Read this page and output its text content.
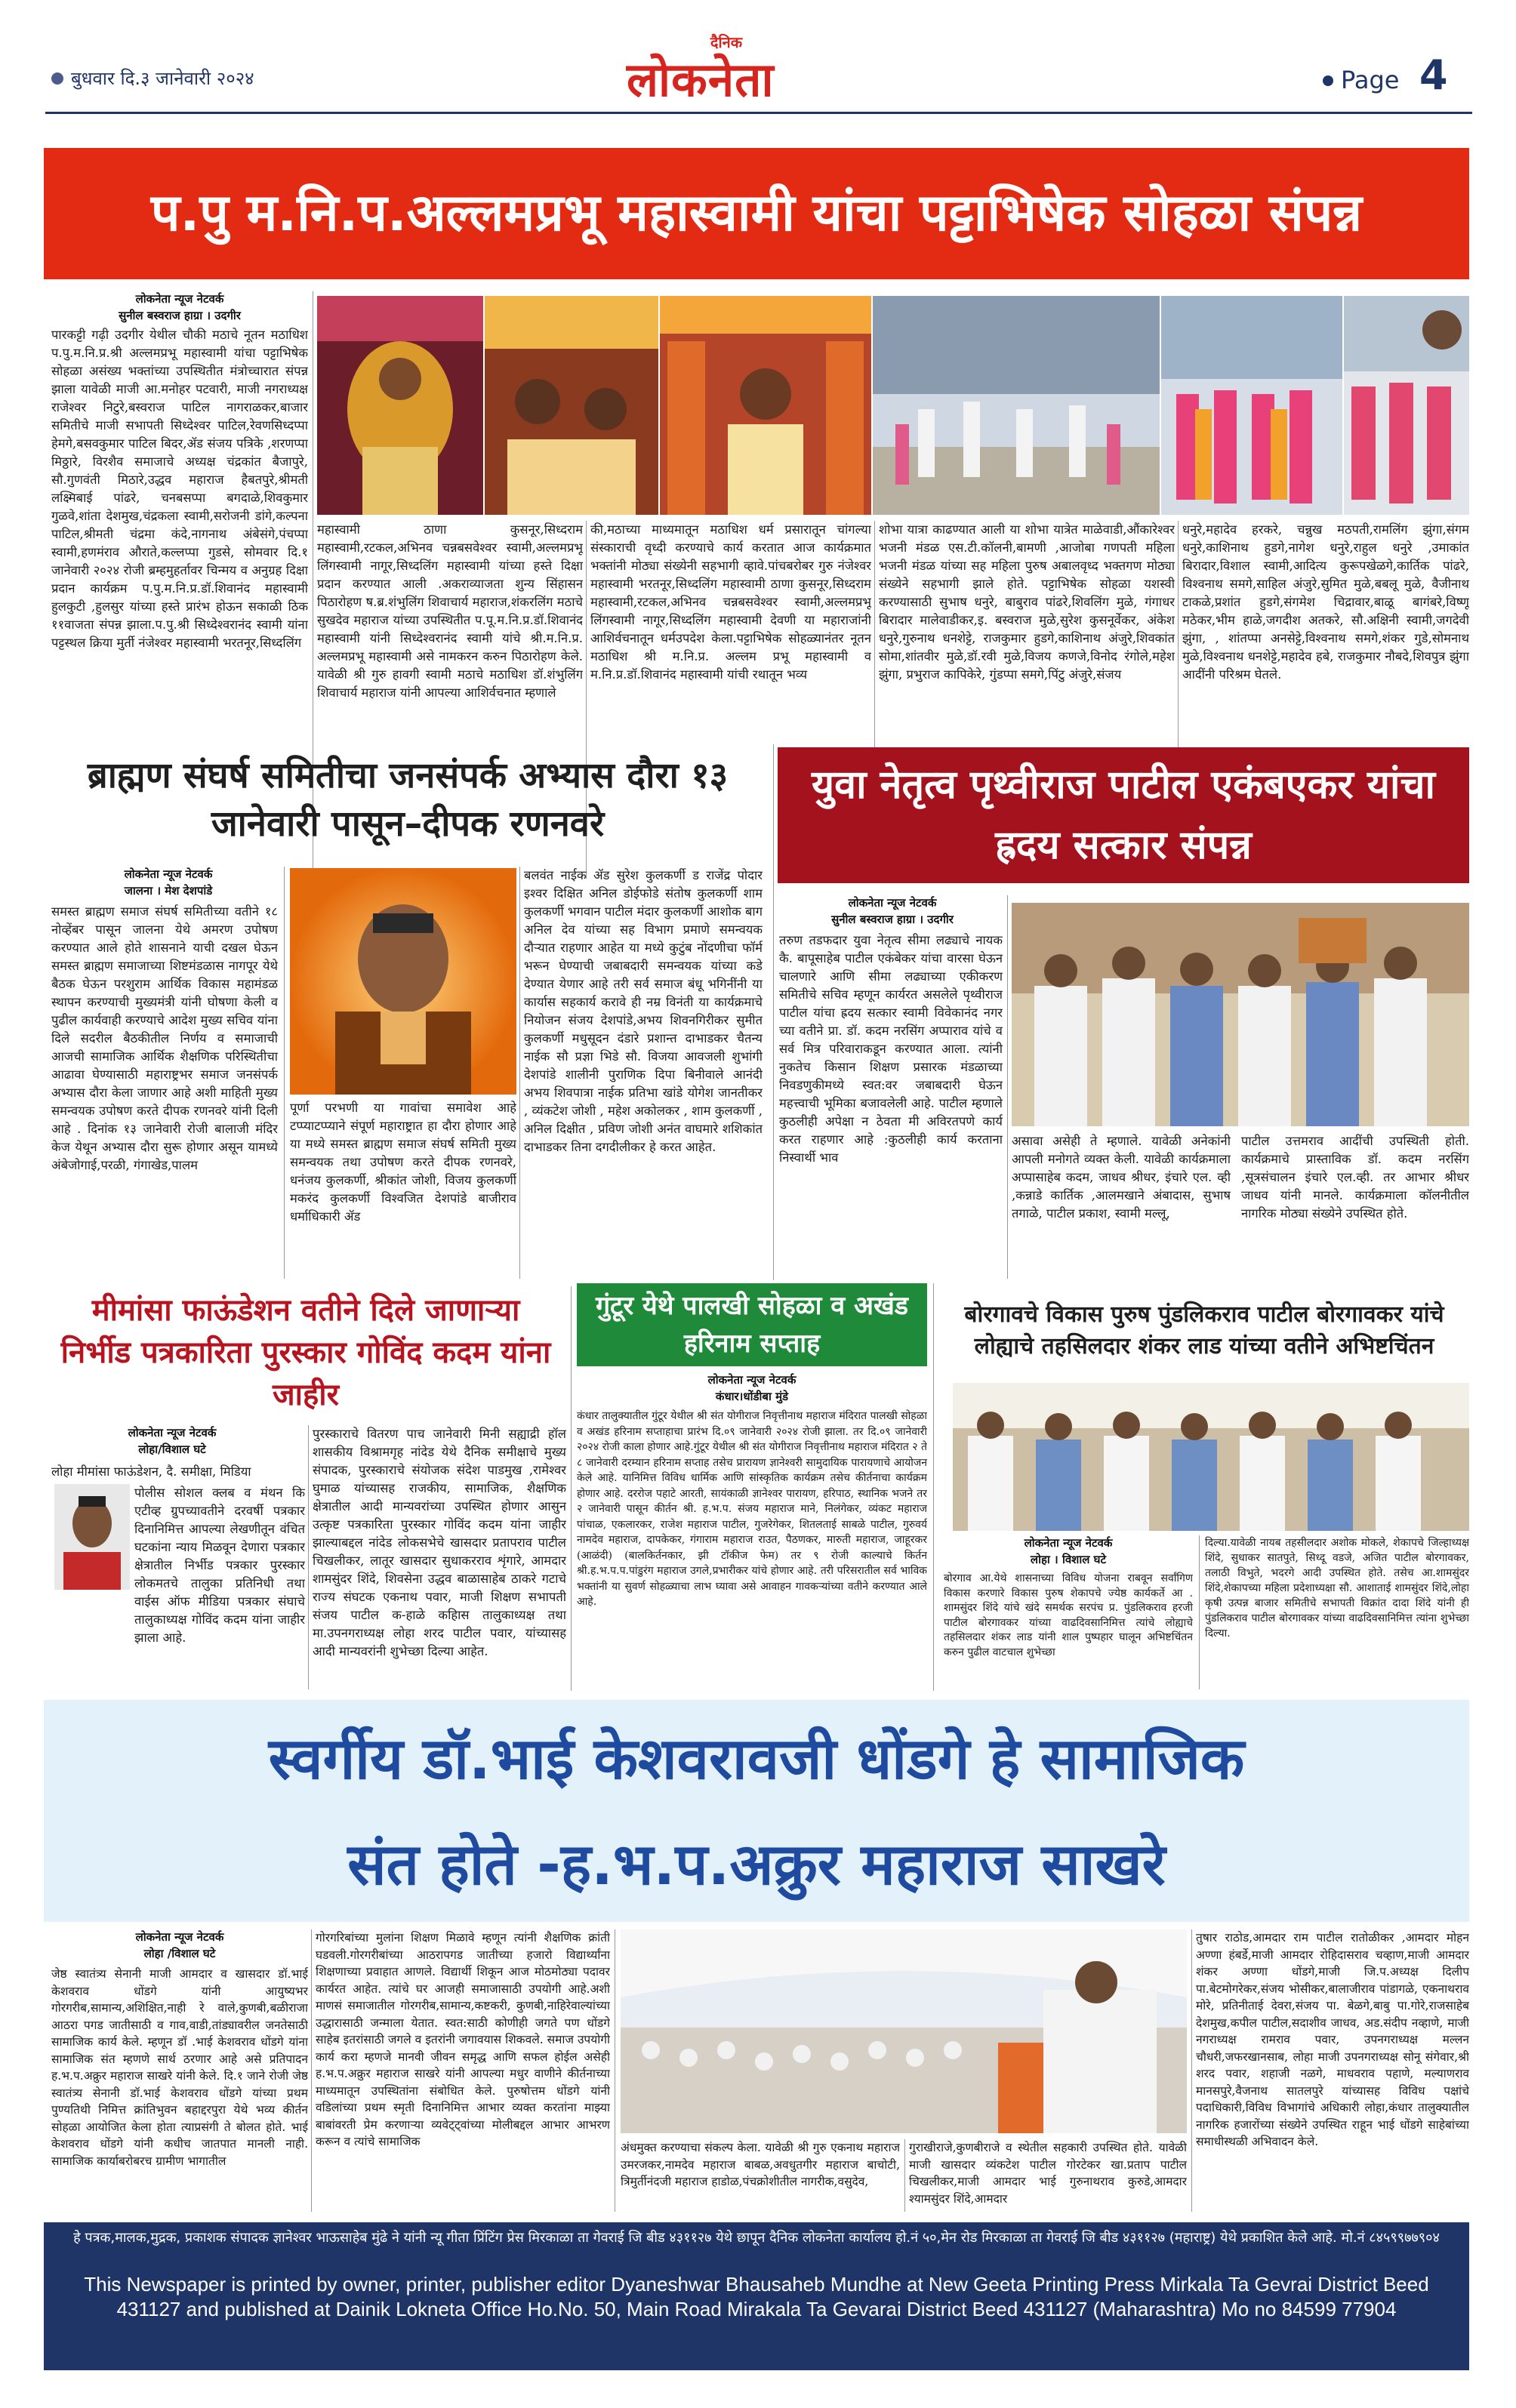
बुधवार दि.३ जानेवारी २०२४
दैनिक
लोकनेता	Page 4
प.पु म.नि.प.अल्लमप्रभू महास्वामी यांचा पट्टाभिषेक सोहळा संपन्न
लोकनेता न्यूज नेटवर्क
सुनील बस्वराज हाग्रा । उदगीर
पारकट्टी गढ़ी उदगीर येथील चौकी मठाचे नूतन मठाधिश प.पु.म.नि.प्र.श्री अल्लमप्रभू महास्वामी यांचा पट्टाभिषेक सोहळा असंख्य भक्तांच्या उपस्थितीत मंत्रोच्चारात संपन्न झाला यावेळी माजी आ.मनोहर पटवारी, माजी नगराध्यक्ष राजेश्वर निटुरे,बस्वराज पाटिल नागराळकर,बाजार समितीचे माजी सभापती सिध्देश्वर पाटिल,रेवणसिध्दप्पा हेमगे,बसवकुमार पाटिल बिदर,ॲड संजय पत्रिके ,शरणप्पा मिठ्ठारे, विरशैव समाजाचे अध्यक्ष चंद्रकांत बैजापुरे, सौ.गुणवंती मिठारे,उद्धव महाराज हैबतपुरे,श्रीमती लक्ष्मिबाई पांढरे, चनबसप्पा बगदाळे,शिवकुमार गुळवे,शांता देशमुख,चंद्रकला स्वामी,सरोजनी डांगे,कल्पना पाटिल,श्रीमती चंद्रमा कंदे,नागनाथ अंबेसंगे,पंचप्पा स्वामी,हणमंराव औराते,कल्लप्पा गुडसे, सोमवार दि.१ जानेवारी २०२४ रोजी ब्रम्हमुहर्तावर चिन्मय व अनुग्रह दिक्षा प्रदान कार्यक्रम प.पु.म.नि.प्र.डॉ.शिवानंद महास्वामी हुलकुटी ,हुलसुर यांच्या हस्ते प्रारंभ होऊन सकाळी ठिक ११वाजता संपन्न झाला.प.पु.श्री सिध्देश्वरानंद स्वामी यांना पट्टस्थल क्रिया मुर्ती नंजेश्वर महास्वामी भरतनूर,सिध्दलिंग
महास्वामी ठाणा कुसनूर,सिध्दराम महास्वामी,रटकल,अभिनव चन्नबसवेश्वर स्वामी,अल्लमप्रभू लिंगस्वामी नागूर,सिध्दलिंग महास्वामी यांच्या हस्ते दिक्षा प्रदान करण्यात आली .अकराव्याजता शुन्य सिंहासन पिठारोहण ष.ब्र.शंभुलिंग शिवाचार्य महाराज,शंकरलिंग मठाचे सुखदेव महाराज यांच्या उपस्थितीत प.पू.म.नि.प्र.डॉ.शिवानंद महास्वामी यांनी सिध्देश्वरानंद स्वामी यांचे श्री.म.नि.प्र. अल्लमप्रभू महास्वामी असे नामकरन करुन पिठारोहण केले. यावेळी श्री गुरु हावगी स्वामी मठाचे मठाधिश डॉ.शंभुलिंग शिवाचार्य महाराज यांनी आपल्या आशिर्वचनात म्हणाले
की,मठाच्या माध्यमातून मठाधिश धर्म प्रसारातून चांगल्या संस्काराची वृध्दी करण्याचे कार्य करतात आज कार्यक्रमात भक्तांनी मोठ्या संख्येनी सहभागी व्हावे.पांचबरोबर गुरु नंजेश्वर महास्वामी भरतनूर,सिध्दलिंग महास्वामी ठाणा कुसनूर,सिध्दराम महास्वामी,रटकल,अभिनव चन्नबसवेश्वर स्वामी,अल्लमप्रभू लिंगस्वामी नागूर,सिध्दलिंग महास्वामी देवणी या महाराजांनी आशिर्वचनातून धर्मउपदेश केला.पट्टाभिषेक सोहळ्यानंतर नूतन मठाधिश श्री म.नि.प्र. अल्लम प्रभू महास्वामी व म.नि.प्र.डॉ.शिवानंद महास्वामी यांची रथातून भव्य
शोभा यात्रा काढण्यात आली या शोभा यात्रेत माळेवाडी,औंकारेश्वर भजनी मंडळ एस.टी.कॉलनी,बामणी ,आजोबा गणपती महिला भजनी मंडळ यांच्या सह महिला पुरुष अबालवृध्द भक्तगण मोठ्या संख्येने सहभागी झाले होते. पट्टाभिषेक सोहळा यशस्वी करण्यासाठी सुभाष धनुरे, बाबुराव पांढरे,शिवलिंग मुळे, गंगाधर बिरादार मालेवाडीकर,इ. बस्वराज मुळे,सुरेश कुसनूर्वेकर, अंकेश धनुरे,गुरुनाथ धनशेट्टे, राजकुमार हुडगे,काशिनाथ अंजुरे,शिवकांत सोमा,शांतवीर मुळे,डॉ.रवी मुळे,विजय कणजे,विनोद रंगोले,महेश झुंगा, प्रभुराज कापिकेरे, गुंडप्पा समगे,पिंटु अंजुरे,संजय
धनुरे,महादेव हरकरे, चन्नुख मठपती,रामलिंग झुंगा,संगम धनुरे,काशिनाथ हुडगे,नागेश धनुरे,राहुल धनुरे ,उमाकांत बिरादार,विशाल स्वामी,आदित्य कुरूपखेळगे,कार्तिक पांढरे, विश्वनाथ समगे,साहिल अंजुरे,सुमित मुळे,बबलू मुळे, वैजीनाथ टाकळे,प्रशांत हुडगे,संगमेश चिद्रावार,बाळू बागंबरे,विष्णू मठेकर,भीम हाळे,जगदीश अतकरे, सौ.अक्षिनी स्वामी,जगदेवी झुंगा, , शांतप्पा अनसेट्टे,विश्वनाथ समगे,शंकर गुडे,सोमनाथ मुळे,विश्वनाथ धनशेट्टे,महादेव हबे, राजकुमार नौबदे,शिवपुत्र झुंगा आदींनी परिश्रम घेतले.
ब्राह्मण संघर्ष समितीचा जनसंपर्क अभ्यास दौरा १३ जानेवारी पासून–दीपक रणनवरे
लोकनेता न्यूज नेटवर्क
जालना । मेश देशपांडे
समस्त ब्राह्मण समाज संघर्ष समितीच्या वतीने १८ नोव्हेंबर पासून जालना येथे अमरण उपोषण करण्यात आले होते शासनाने याची दखल घेऊन समस्त ब्राह्मण समाजाच्या शिष्टमंडळास नागपूर येथे बैठक घेऊन परशुराम आर्थिक विकास महामंडळ स्थापन करण्याची मुख्यमंत्री यांनी घोषणा केली व पुढील कार्यवाही करण्याचे आदेश मुख्य सचिव यांना दिले सदरील बैठकीतील निर्णय व समाजाची आजची सामाजिक आर्थिक शैक्षणिक परिस्थितीचा आढावा घेण्यासाठी महाराष्ट्रभर समाज जनसंपर्क अभ्यास दौरा केला जाणार आहे अशी माहिती मुख्य समन्वयक उपोषण करते दीपक रणनवरे यांनी दिली आहे . दिनांक १३ जानेवारी रोजी बालाजी मंदिर केज येथून अभ्यास दौरा सुरू होणार असून यामध्ये अंबेजोगाई,परळी, गंगाखेड,पालम
पूर्णा परभणी या गावांचा समावेश आहे टप्प्याटप्प्याने संपूर्ण महाराष्ट्रात हा दौरा होणार आहे या मध्ये समस्त ब्राह्मण समाज संघर्ष समिती मुख्य समन्वयक तथा उपोषण करते दीपक रणनवरे, धनंजय कुलकर्णी, श्रीकांत जोशी, विजय कुलकर्णी मकरंद कुलकर्णी विश्वजित देशपांडे बाजीराव धर्माधिकारी ॲड
बलवंत नाईक ॲड सुरेश कुलकर्णी ड राजेंद्र पोदार इश्वर दिक्षित अनिल डोईफोडे संतोष कुलकर्णी शाम कुलकर्णी भगवान पाटील मंदार कुलकर्णी आशोक बाग अनिल देव यांच्या सह विभाग प्रमाणे समन्वयक दौऱ्यात राहणार आहेत या मध्ये कुटुंब नोंदणीचा फॉर्म भरून घेण्याची जबाबदारी समन्वयक यांच्या कडे देण्यात येणार आहे तरी सर्व समाज बंधू भगिनींनी या कार्यास सहकार्य करावे ही नम्र विनंती या कार्यक्रमाचे नियोजन संजय देशपांडे,अभय शिवनगिरीकर सुमीत कुलकर्णी मधुसूदन दंडारे प्रशान्त दाभाडकर चैतन्य नाईक सौ प्रज्ञा भिडे सौ. विजया आवजली शुभांगी देशपांडे शालीनी पुराणिक दिपा बिनीवाले आनंदी अभय शिवपात्रा नाईक प्रतिभा खांडे योगेश जानतीकर , व्यंकटेश जोशी , महेश अकोलकर , शाम कुलकर्णी , अनिल दिक्षीत , प्रविण जोशी अनंत वाघमारे शशिकांत दाभाडकर तिना दगदीलीकर हे करत आहेत.
युवा नेतृत्व पृथ्वीराज पाटील एकंबएकर यांचा ह्रदय सत्कार संपन्न
लोकनेता न्यूज नेटवर्क
सुनील बस्वराज हाग्रा । उदगीर
तरुण तडफदार युवा नेतृत्व सीमा लढ्याचे नायक कै. बापूसाहेब पाटील एकंबेकर यांचा वारसा घेऊन चालणारे आणि सीमा लढ्याच्या एकीकरण समितीचे सचिव म्हणून कार्यरत असलेले पृथ्वीराज पाटील यांचा ह्रदय सत्कार स्वामी विवेकानंद नगर च्या वतीने प्रा. डॉ. कदम नरसिंग अप्पाराव यांचे व सर्व मित्र परिवाराकडून करण्यात आला. त्यांनी नुकतेच किसान शिक्षण प्रसारक मंडळाच्या निवडणुकीमध्ये स्वत:वर जबाबदारी घेऊन महत्त्वाची भूमिका बजावलेली आहे. पाटील म्हणाले कुठलीही अपेक्षा न ठेवता मी अविरतपणे कार्य करत राहणार आहे :कुठलीही कार्य करताना निस्वार्थी भाव
असावा असेही ते म्हणाले. यावेळी अनेकांनी आपली मनोगते व्यक्त केली. यावेळी कार्यक्रमाला अप्पासाहेब कदम, जाधव श्रीधर, इंचारे एल. व्ही ,कन्नाडे कार्तिक ,आलमखाने अंबादास, सुभाष तगाळे, पाटील प्रकाश, स्वामी मल्लू,
पाटील उत्तमराव आदींची उपस्थिती होती. कार्यक्रमाचे प्रास्ताविक डॉ. कदम नरसिंग ,सूत्रसंचालन इंचारे एल.व्ही. तर आभार श्रीधर जाधव यांनी मानले. कार्यक्रमाला कॉलनीतील नागरिक मोठ्या संख्येने उपस्थित होते.
मीमांसा फाऊंडेशन वतीने दिले जाणाऱ्या निर्भीड पत्रकारिता पुरस्कार गोविंद कदम यांना जाहीर
लोकनेता न्यूज नेटवर्क
लोहा/विशाल घटे
लोहा मीमांसा फाऊंडेशन, दै. समीक्षा, मिडिया
पोलीस सोशल क्लब व मंथन कि एटीव्ह ग्रुपच्यावतीने दरवर्षी पत्रकार दिनानिमित्त आपल्या लेखणीतून वंचित घटकांना न्याय मिळवून देणारा पत्रकार क्षेत्रातील निर्भीड पत्रकार पुरस्कार लोकमतचे तालुका प्रतिनिधी तथा वाईस ऑफ मीडिया पत्रकार संघाचे तालुकाध्यक्ष गोविंद कदम यांना जाहीर झाला आहे.
पुरस्काराचे वितरण पाच जानेवारी मिनी सह्याद्री हॉल शासकीय विश्रामगृह नांदेड येथे दैनिक समीक्षाचे मुख्य संपादक, पुरस्काराचे संयोजक संदेश पाडमुख ,रामेश्वर घुमाळ यांच्यासह राजकीय, सामाजिक, शैक्षणिक क्षेत्रातील आदी मान्यवरांच्या उपस्थित होणार आसुन उत्कृष्ट पत्रकारिता पुरस्कार गोविंद कदम यांना जाहीर झाल्याबद्दल नांदेड लोकसभेचे खासदार प्रतापराव पाटील चिखलीकर, लातूर खासदार सुधाकरराव शृंगारे, आमदार शामसुंदर शिंदे, शिवसेना उद्धव बाळासाहेब ठाकरे गटाचे राज्य संघटक एकनाथ पवार, माजी शिक्षण सभापती संजय पाटील क-हाळे कहिास तालुकाध्यक्ष तथा मा.उपनगराध्यक्ष लोहा शरद पाटील पवार, यांच्यासह आदी मान्यवरांनी शुभेच्छा दिल्या आहेत.
गुंटूर येथे पालखी सोहळा व अखंड हरिनाम सप्ताह
लोकनेता न्यूज नेटवर्क
कंधार।धोंडीबा मुंडे
कंधार तालुक्यातील गुंटूर येथील श्री संत योगीराज निवृत्तीनाथ महाराज मंदिरात पालखी सोहळा व अखंड हरिनाम सप्ताहाचा प्रारंभ दि.०९ जानेवारी २०२४ रोजी झाला. तर दि.०९ जानेवारी २०२४ रोजी काला होणार आहे.गुंटूर येथील श्री संत योगीराज निवृत्तीनाथ महाराज मंदिरात २ ते ८ जानेवारी दरम्यान हरिनाम सप्ताह तसेच प्रारायण ज्ञानेश्वरी सामुदायिक पारायणाचे आयोजन केले आहे. यानिमित्त विविध धार्मिक आणि सांस्कृतिक कार्यक्रम तसेच कीर्तनाचा कार्यक्रम होणार आहे. दररोज पहाटे आरती, सायंकाळी ज्ञानेश्वर पारायण, हरिपाठ, स्थानिक भजने तर २ जानेवारी पासून कीर्तन श्री. ह.भ.प. संजय महाराज माने, निलंगेकर, व्यंकट महाराज पांचाळ, एकलारकर, राजेश महाराज पाटील, गुजरेगेकर, शितलताई साबळे पाटील, गुरुवर्य नामदेव महाराज, दापकेकर, गंगाराम महाराज राउत, पैठणकर, मारुती महाराज, जाहूरकर (आळंदी) (बालकिर्तनकार, झी टॉकीज फेम) तर ९ रोजी काल्याचे किर्तन श्री.ह.भ.प.प.पांडुरंग महाराज उगले,प्रभारीकर यांचे होणार आहे. तरी परिसरातील सर्व भाविक भक्तांनी या सुवर्ण सोहळ्याचा लाभ घ्यावा असे आवाहन गावकऱ्यांच्या वतीने करण्यात आले आहे.
बोरगावचे विकास पुरुष पुंडलिकराव पाटील बोरगावकर यांचे लोह्याचे तहसिलदार शंकर लाड यांच्या वतीने अभिष्टचिंतन
लोकनेता न्यूज नेटवर्क
लोहा । विशाल घटे
बोरगाव आ.येथे शासनाच्या विविध योजना राबवून सर्वांगिण विकास करणारे विकास पुरुष शेकापचे ज्येष्ठ कार्यकर्ते आ . शामसुंदर शिंदे यांचे खंदे समर्थक सरपंच प्र. पुंडलिकराव हरजी पाटील बोरगावकर यांच्या वाढदिवसानिमित्त त्यांचे लोह्याचे तहसिलदार शंकर लाड यांनी शाल पुष्पहार घालून अभिष्टचिंतन करुन पुढील वाटचाल शुभेच्छा
दिल्या.यावेळी नायब तहसीलदार अशोक मोकले, शेकापचे जिल्हाध्यक्ष शिंदे, सुधाकर सातपुते, सिध्दू वडजे, अजित पाटील बोरगावकर, तलाठी विभुते, भदरगे आदी उपस्थित होते. तसेच आ.शामसुंदर शिंदे,शेकापच्या महिला प्रदेशाध्यक्षा सौ. आशाताई शामसुंदर शिंदे,लोहा कृषी उत्पन्न बाजार समितीचे सभापती विक्रांत दादा शिंदे यांनी ही पुंडलिकराव पाटील बोरगावकर यांच्या वाढदिवसानिमित्त त्यांना शुभेच्छा दिल्या.
स्वर्गीय डॉ.भाई केशवरावजी धोंडगे हे सामाजिक
संत होते -ह.भ.प.अक्रुर महाराज साखरे
लोकनेता न्यूज नेटवर्क
लोहा /विशाल घटे
जेष्ठ स्वातंत्र्य सेनानी माजी आमदार व खासदार डॉ.भाई केशवराव धोंडगे यांनी आयुष्यभर गोरगरीब,सामान्य,अशिक्षित,नाही रे वाले,कुणबी,बळीराजा आठरा पगड जातीसाठी व गाव,वाडी,तांड्यावरील जनतेसाठी सामाजिक कार्य केले. म्हणून डॉ .भाई केशवराव धोंडगे यांना सामाजिक संत म्हणणे सार्थ ठरणार आहे असे प्रतिपादन ह.भ.प.अक्रुर महाराज साखरे यांनी केले. दि.१ जाने रोजी जेष्ठ स्वातंत्र्य सेनानी डॉ.भाई केशवराव धोंडगे यांच्या प्रथम पुण्यतिथी निमित्त क्रांतिभुवन बहाद्दरपुरा येथे भव्य कीर्तन सोहळा आयोजित केला होता त्याप्रसंगी ते बोलत होते. भाई केशवराव धोंडगे यांनी कधीच जातपात मानली नाही. सामाजिक कार्याबरोबरच ग्रामीण भागातील
गोरगरिबांच्या मुलांना शिक्षण मिळावे म्हणून त्यांनी शैक्षणिक क्रांती घडवली.गोरगरीबांच्या आठरापगड जातीच्या हजारो विद्यार्थ्यांना शिक्षणाच्या प्रवाहात आणले. विद्यार्थी शिकून आज मोठमोठ्या पदावर कार्यरत आहेत. त्यांचे घर आजही समाजासाठी उपयोगी आहे.अशी माणसं समाजातील गोरगरीब,सामान्य,कष्टकरी, कुणबी,नाहिरेवाल्यांच्या उद्धारासाठी जन्माला येतात. स्वत:साठी कोणीही जगते पण धोंडगे साहेब इतरांसाठी जगले व इतरांनी जगावयास शिकवले. समाज उपयोगी कार्य करा म्हणजे मानवी जीवन समृद्ध आणि सफल होईल असेही ह.भ.प.अक्रुर महाराज साखरे यांनी आपल्या मधुर वाणीने कीर्तनाच्या माध्यमातून उपस्थितांना संबोधित केले. पुरुषोत्तम धोंडगे यांनी वडिलांच्या प्रथम स्मृती दिनानिमित्त आभार व्यक्त करतांना माझ्या बाबांवरती प्रेम करणाऱ्या व्यवेट्ट्वांच्या मोलीबद्दल आभार आभरण करून व त्यांचे सामाजिक	अंधमुक्त करण्याचा संकल्प केला. यावेळी श्री गुरु एकनाथ महाराज उमरजकर,नामदेव महाराज बाबळ,अवधुतगीर महाराज बाचोटी, त्रिमुर्तीनंदजी महाराज हाडोळ,पंचक्रोशीतील नागरीक,वसुदेव,
गुराखीराजे,कुणबीराजे व स्थेतील सहकारी उपस्थित होते. यावेळी माजी खासदार व्यंकटेश पाटील गोरटेकर खा.प्रताप पाटील चिखलीकर,माजी आमदार भाई गुरुनाथराव कुरुडे,आमदार श्यामसुंदर शिंदे,आमदार
तुषार राठोड,आमदार राम पाटील रातोळीकर ,आमदार मोहन अण्णा हंबर्डे,माजी आमदार रोहिदासराव चव्हाण,माजी आमदार शंकर अण्णा धोंडगे,माजी जि.प.अध्यक्ष दिलीप पा.बेटमोगरेकर,संजय भोसीकर,बालाजीराव पांडागळे, एकनाथराव मोरे, प्रतिनीताई देवरा,संजय पा. बेळगे,बाबु पा.गोरे,राजसाहेब देशमुख,कपील पाटील,सदाशीव जाधव, अड.संदीप नव्हाणे, माजी नगराध्यक्ष रामराव पवार, उपनगराध्यक्ष मल्लन चौधरी,जफरखानसाब, लोहा माजी उपनगराध्यक्ष सोनू संगेवार,श्री शरद पवार, शहाजी नळगे, माधवराव पहाणे, मल्याणराव मानसपुरे,वैजनाथ सातलपुरे यांच्यासह विविध पक्षांचे पदाधिकारी,विविध विभागांचे अधिकारी लोहा,कंधार तालुक्यातील नागरिक हजारोंच्या संख्येने उपस्थित राहून भाई धोंडगे साहेबांच्या समाधीस्थळी अभिवादन केले.
हे पत्रक,मालक,मुद्रक, प्रकाशक संपादक ज्ञानेश्वर भाऊसाहेब मुंढे ने यांनी न्यू गीता प्रिंटिंग प्रेस मिरकाळा ता गेवराई जि बीड ४३११२७ येथे छापून दैनिक लोकनेता कार्यालय हो.नं ५०,मेन रोड मिरकाळा ता गेवराई जि बीड ४३११२७ (महाराष्ट्र) येथे प्रकाशित केले आहे. मो.नं ८४५९९७७९०४
This Newspaper is printed by owner, printer, publisher editor Dyaneshwar Bhausaheb Mundhe at New Geeta Printing Press Mirkala Ta Gevrai District Beed 431127 and published at Dainik Lokneta Office Ho.No. 50, Main Road Mirakala Ta Gevarai District Beed 431127 (Maharashtra) Mo no 84599 77904
